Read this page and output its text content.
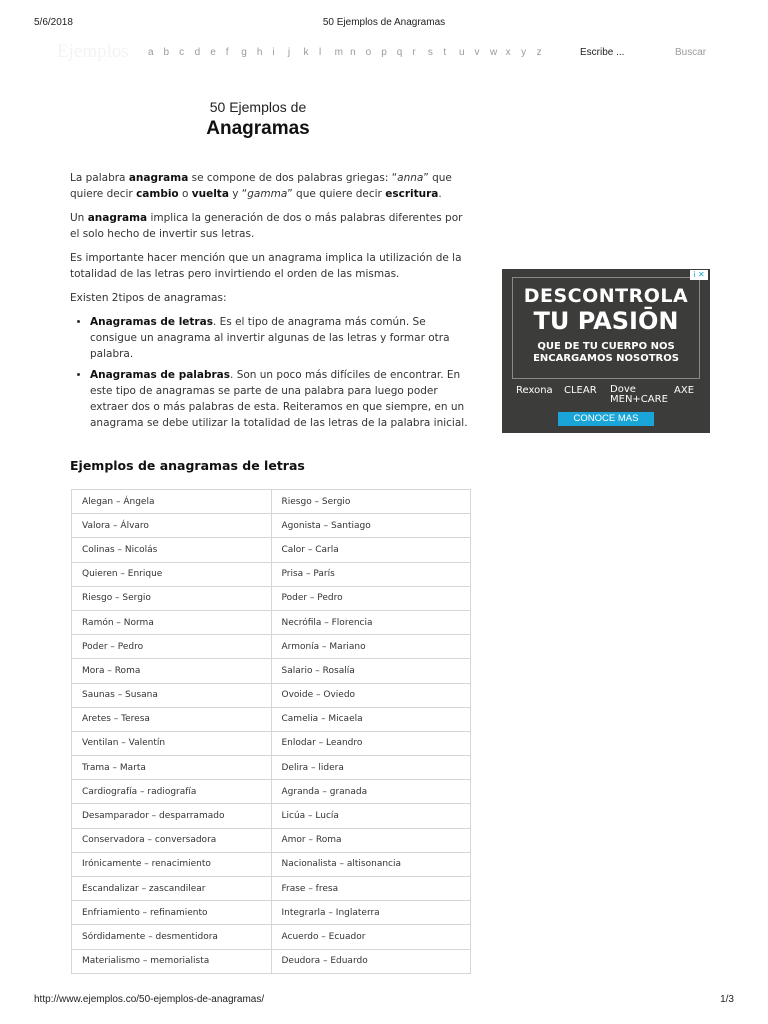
5/6/2018	50 Ejemplos de Anagramas
Ejemplos a b c d e f g h i j k l m n o p q r s t u v w x y z	Escribe ...	Buscar
50 Ejemplos de
Anagramas

La palabra anagrama se compone de dos palabras griegas: “anna” que quiere decir cambio o vuelta y “gamma” que quiere decir escritura.

Un anagrama implica la generación de dos o más palabras diferentes por el solo hecho de invertir sus letras.

Es importante hacer mención que un anagrama implica la utilización de la totalidad de las letras pero invirtiendo el orden de las mismas.

Existen 2tipos de anagramas:

• Anagramas de letras. Es el tipo de anagrama más común. Se consigue un anagrama al invertir algunas de las letras y formar otra palabra.
• Anagramas de palabras. Son un poco más difíciles de encontrar. En este tipo de anagramas se parte de una palabra para luego poder extraer dos o más palabras de esta. Reiteramos en que siempre, en un anagrama se debe utilizar la totalidad de las letras de la palabra inicial.
Ejemplos de anagramas de letras
Alegan – Ángela	Riesgo – Sergio
Valora – Álvaro	Agonista – Santiago
Colinas – Nicolás	Calor – Carla
Quieren – Enrique	Prisa – París
Riesgo – Sergio	Poder – Pedro
Ramón – Norma	Necrófila – Florencia
Poder – Pedro	Armonía – Mariano
Mora – Roma	Salario – Rosalía
Saunas – Susana	Ovoide – Oviedo
Aretes – Teresa	Camelia – Micaela
Ventilan – Valentín	Enlodar – Leandro
Trama – Marta	Delira – lidera
Cardiografía – radiografía	Agranda – granada
Desamparador – desparramado	Licúa – Lucía
Conservadora – conversadora	Amor – Roma
Irónicamente – renacimiento	Nacionalista – altisonancia
Escandalizar – zascandilear	Frase – fresa
Enfriamiento – refinamiento	Integrarla – Inglaterra
Sórdidamente – desmentidora	Acuerdo – Ecuador
Materialismo – memorialista	Deudora – Eduardo
i ✕
DESCONTROLA
TU PASIŌN
QUE DE TU CUERPO NOS
ENCARGAMOS NOSOTROS
Rexona CLEAR Dove MEN+CARE
AXE
CONOCE MAS
http://www.ejemplos.co/50-ejemplos-de-anagramas/	1/3
